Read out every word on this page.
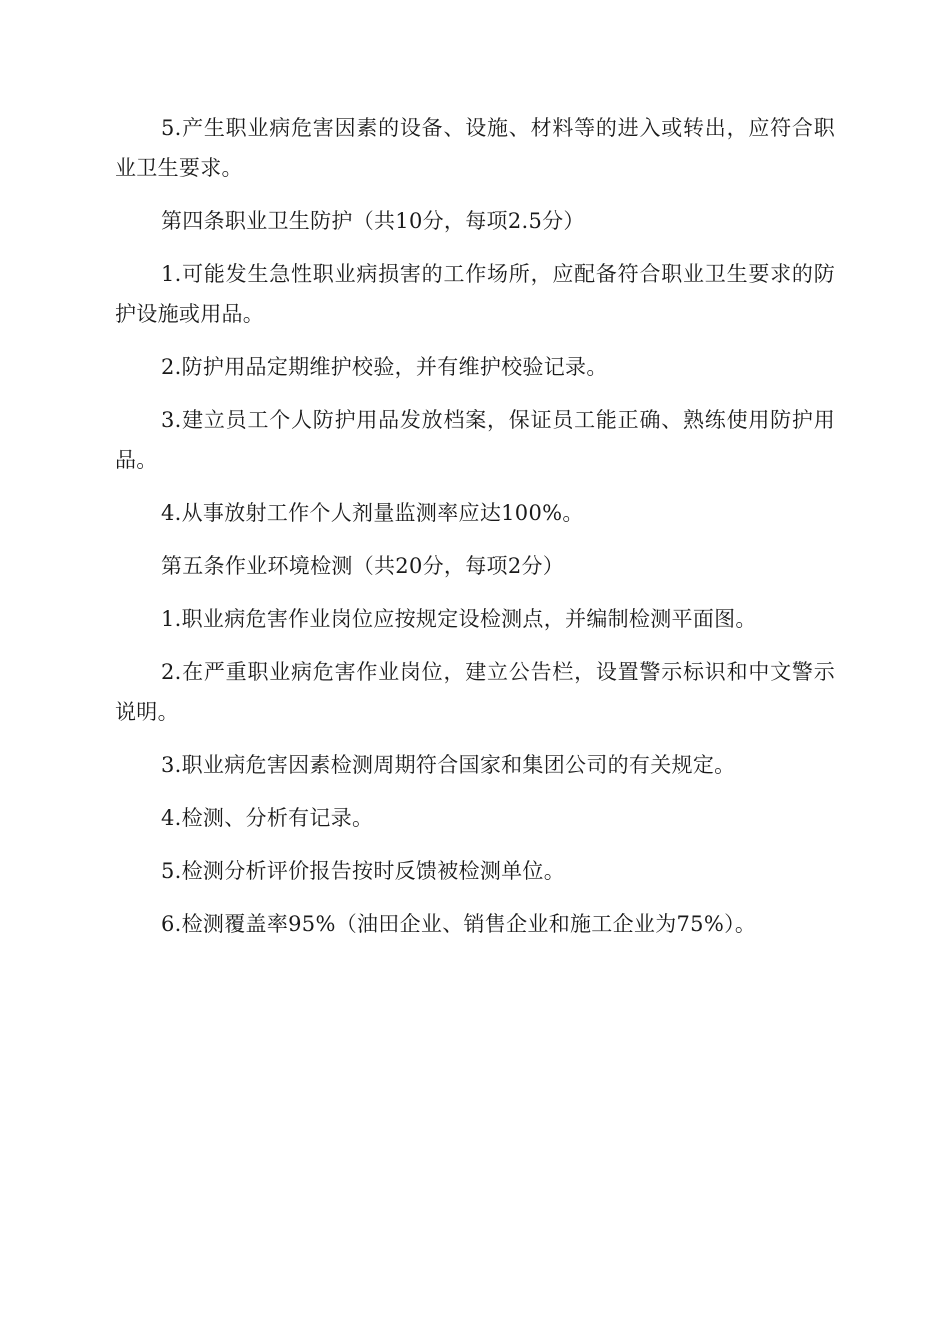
5.产生职业病危害因素的设备、设施、材料等的进入或转出，应符合职业卫生要求。

第四条职业卫生防护（共10分，每项2.5分）

1.可能发生急性职业病损害的工作场所，应配备符合职业卫生要求的防护设施或用品。

2.防护用品定期维护校验，并有维护校验记录。

3.建立员工个人防护用品发放档案，保证员工能正确、熟练使用防护用品。

4.从事放射工作个人剂量监测率应达100%。

第五条作业环境检测（共20分，每项2分）

1.职业病危害作业岗位应按规定设检测点，并编制检测平面图。

2.在严重职业病危害作业岗位，建立公告栏，设置警示标识和中文警示说明。

3.职业病危害因素检测周期符合国家和集团公司的有关规定。

4.检测、分析有记录。

5.检测分析评价报告按时反馈被检测单位。

6.检测覆盖率95%（油田企业、销售企业和施工企业为75%）。
